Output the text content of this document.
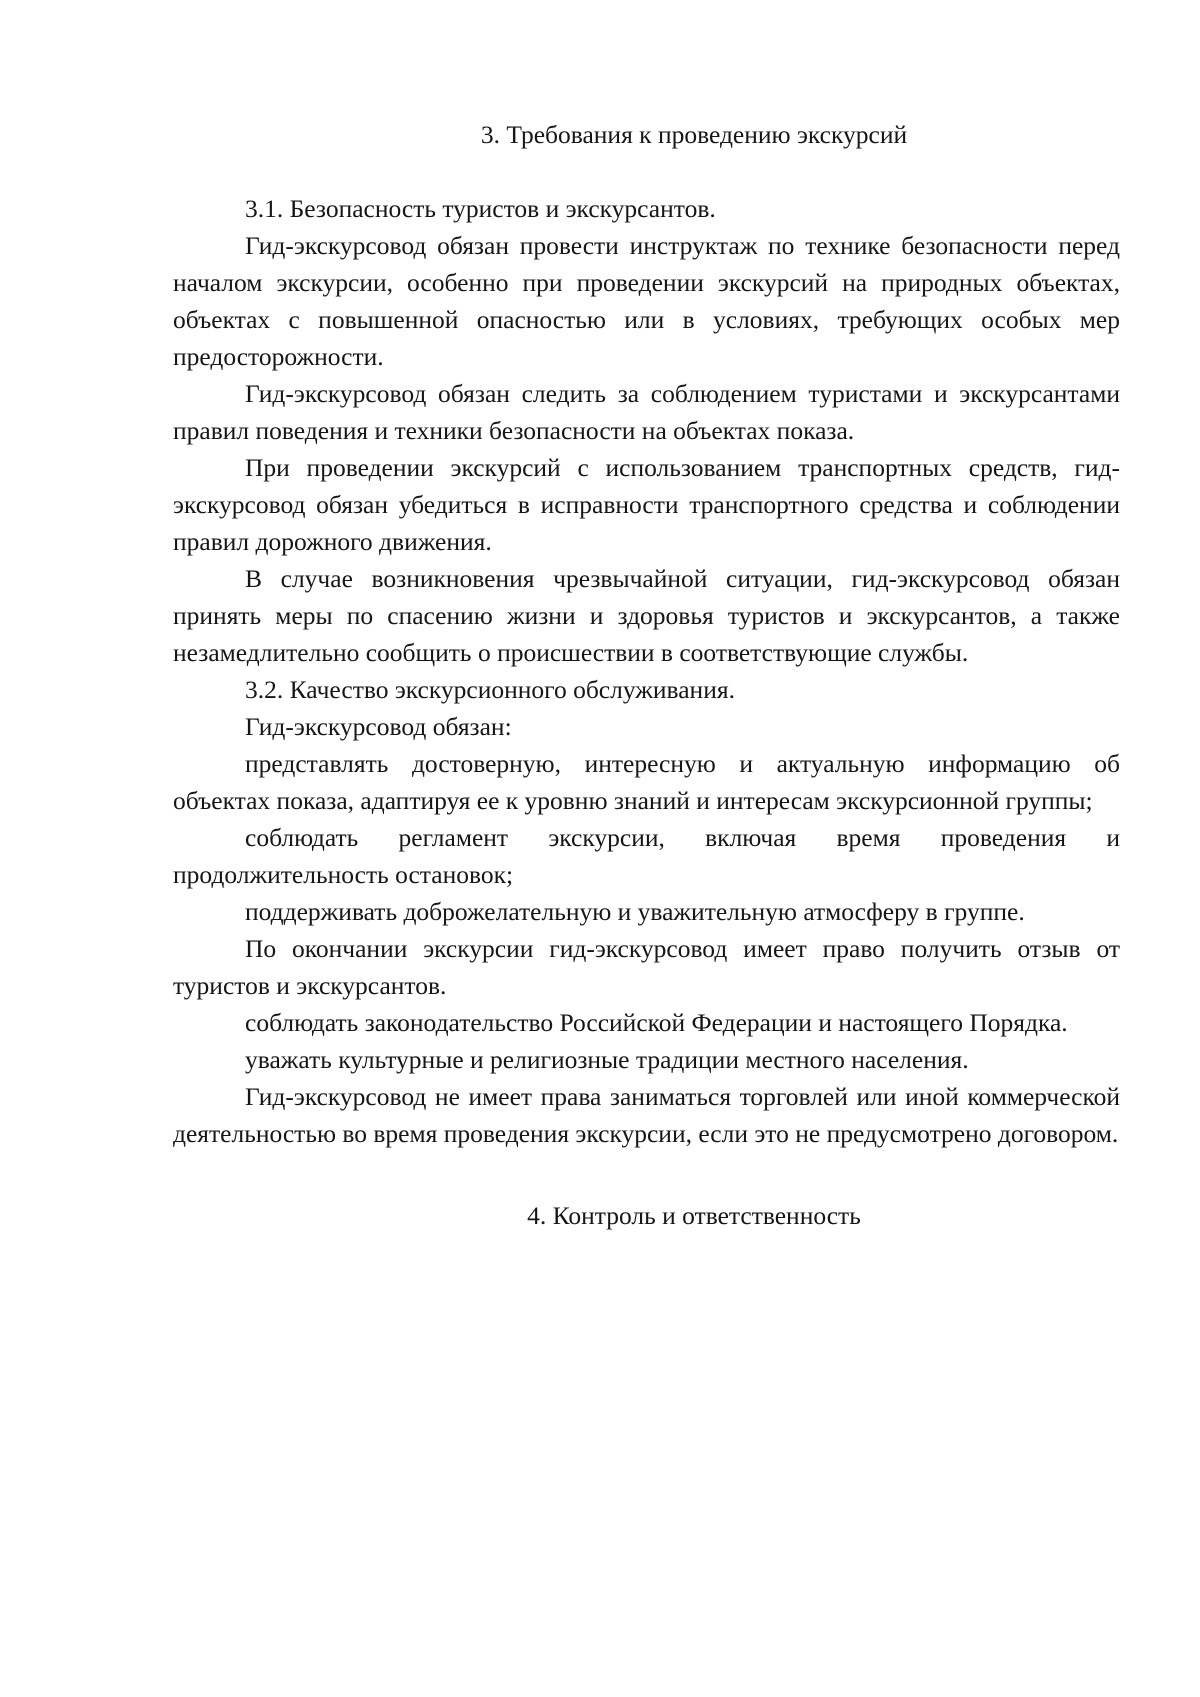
3. Требования к проведению экскурсий

3.1. Безопасность туристов и экскурсантов.

Гид-экскурсовод обязан провести инструктаж по технике безопасности перед началом экскурсии, особенно при проведении экскурсий на природных объектах, объектах с повышенной опасностью или в условиях, требующих особых мер предосторожности.

Гид-экскурсовод обязан следить за соблюдением туристами и экскурсантами правил поведения и техники безопасности на объектах показа.

При проведении экскурсий с использованием транспортных средств, гид-экскурсовод обязан убедиться в исправности транспортного средства и соблюдении правил дорожного движения.

В случае возникновения чрезвычайной ситуации, гид-экскурсовод обязан принять меры по спасению жизни и здоровья туристов и экскурсантов, а также незамедлительно сообщить о происшествии в соответствующие службы.

3.2. Качество экскурсионного обслуживания.

Гид-экскурсовод обязан:

представлять достоверную, интересную и актуальную информацию об объектах показа, адаптируя ее к уровню знаний и интересам экскурсионной группы;

соблюдать регламент экскурсии, включая время проведения и продолжительность остановок;

поддерживать доброжелательную и уважительную атмосферу в группе.

По окончании экскурсии гид-экскурсовод имеет право получить отзыв от туристов и экскурсантов.

соблюдать законодательство Российской Федерации и настоящего Порядка.

уважать культурные и религиозные традиции местного населения.

Гид-экскурсовод не имеет права заниматься торговлей или иной коммерческой деятельностью во время проведения экскурсии, если это не предусмотрено договором.

4. Контроль и ответственность
